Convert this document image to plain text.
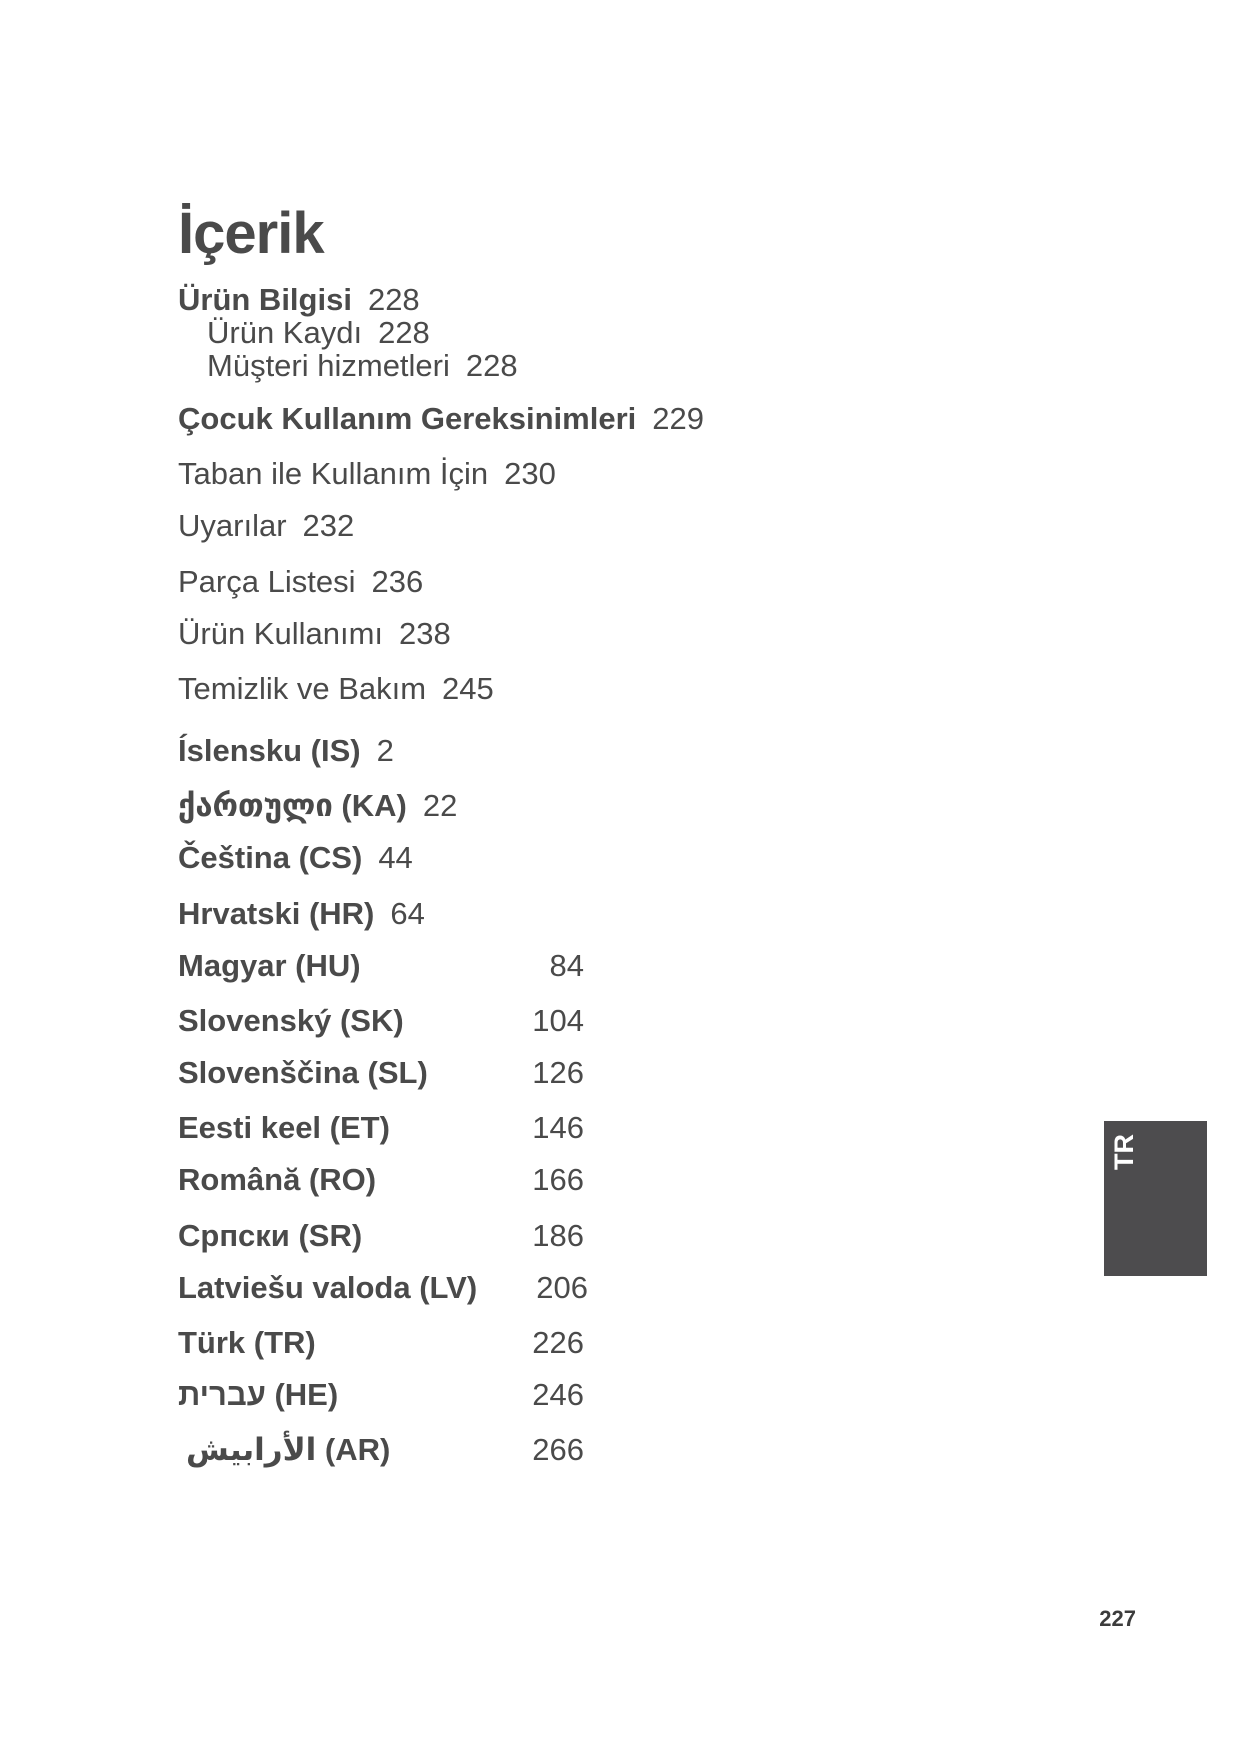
İçerik
Ürün Bilgisi 228
Ürün Kaydı 228
Müşteri hizmetleri 228
Çocuk Kullanım Gereksinimleri 229
Taban ile Kullanım İçin 230
Uyarılar 232
Parça Listesi 236
Ürün Kullanımı 238
Temizlik ve Bakım 245
Íslensku (IS) 2
ქართული (KA) 22
Čeština (CS) 44
Hrvatski (HR) 64
Magyar (HU)	84
Slovenský (SK)	104
Slovenščina (SL)	126
Eesti keel (ET)	146
Română (RO)	166
Српски (SR)	186
Latviešu valoda (LV) 206
Türk (TR)	226
עברית (HE)	246
الأرابيش (AR)	266
TR
227
